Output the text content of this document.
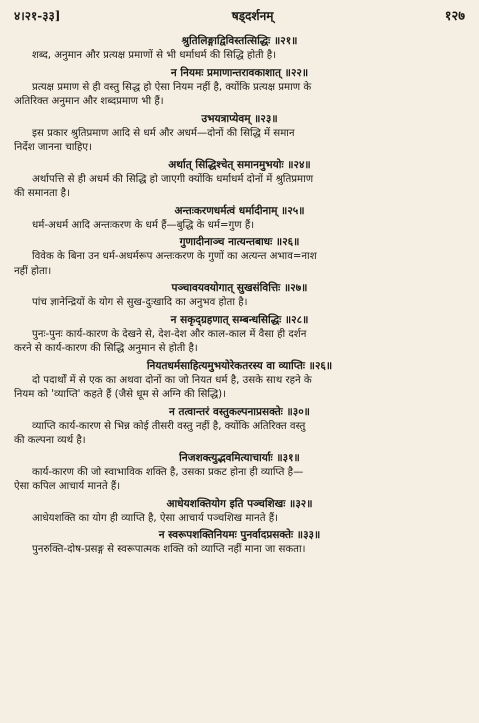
४।२१-३३]	षड्दर्शनम्	१२७
श्रुतिलिङ्गाद्विविस्तत्सिद्धिः ॥२१॥
शब्द, अनुमान और प्रत्यक्ष प्रमाणों से भी धर्माधर्म की सिद्धि होती है।
न नियमः प्रमाणान्तरावकाशात् ॥२२॥
प्रत्यक्ष प्रमाण से ही वस्तु सिद्ध हो ऐसा नियम नहीं है, क्योंकि प्रत्यक्ष प्रमाण के
अतिरिक्त अनुमान और शब्दप्रमाण भी हैं।
उभयत्राप्येवम् ॥२३॥
इस प्रकार श्रुतिप्रमाण आदि से धर्म और अधर्म—दोनों की सिद्धि में समान
निर्देश जानना चाहिए।
अर्थात् सिद्धिश्चेत् समानमुभयोः ॥२४॥
अर्थापत्ति से ही अधर्म की सिद्धि हो जाएगी क्योंकि धर्माधर्म दोनों में श्रुतिप्रमाण
की समानता है।
अन्तःकरणधर्मत्वं धर्मादीनाम् ॥२५॥
धर्म-अधर्म आदि अन्तःकरण के धर्म हैं—बुद्धि के धर्म=गुण हैं।
गुणादीनाञ्च नात्यन्तबाधः ॥२६॥
विवेक के बिना उन धर्म-अधर्मरूप अन्तःकरण के गुणों का अत्यन्त अभाव=नाश
नहीं होता।
पञ्चावयवयोगात् सुखसंवित्तिः ॥२७॥
पांच ज्ञानेन्द्रियों के योग से सुख-दुःखादि का अनुभव होता है।
न सकृद्ग्रहणात् सम्बन्धसिद्धिः ॥२८॥
पुनः-पुनः कार्य-कारण के देखने से, देश-देश और काल-काल में वैसा ही दर्शन
करने से कार्य-कारण की सिद्धि अनुमान से होती है।
नियतधर्मसाहित्यमुभयोरेकतरस्य वा व्याप्तिः ॥२६॥
दो पदार्थों में से एक का अथवा दोनों का जो नियत धर्म है, उसके साथ रहने के
नियम को 'व्याप्ति' कहते हैं (जैसे धूम से अग्नि की सिद्धि)।
न तत्वान्तरं वस्तुकल्पनाप्रसक्तेः ॥३०॥
व्याप्ति कार्य-कारण से भिन्न कोई तीसरी वस्तु नहीं है, क्योंकि अतिरिक्त वस्तु
की कल्पना व्यर्थ है।
निजशक्त्युद्भवमित्याचार्याः ॥३१॥
कार्य-कारण की जो स्वाभाविक शक्ति है, उसका प्रकट होना ही व्याप्ति है—
ऐसा कपिल आचार्य मानते हैं।
आधेयशक्तियोग इति पञ्चशिखः ॥३२॥
आधेयशक्ति का योग ही व्याप्ति है, ऐसा आचार्य पञ्चशिख मानते हैं।
न स्वरूपशक्तिनियमः पुनर्वादप्रसक्तेः ॥३३॥
पुनरुक्ति-दोष-प्रसङ्ग से स्वरूपात्मक शक्ति को व्याप्ति नहीं माना जा सकता।
